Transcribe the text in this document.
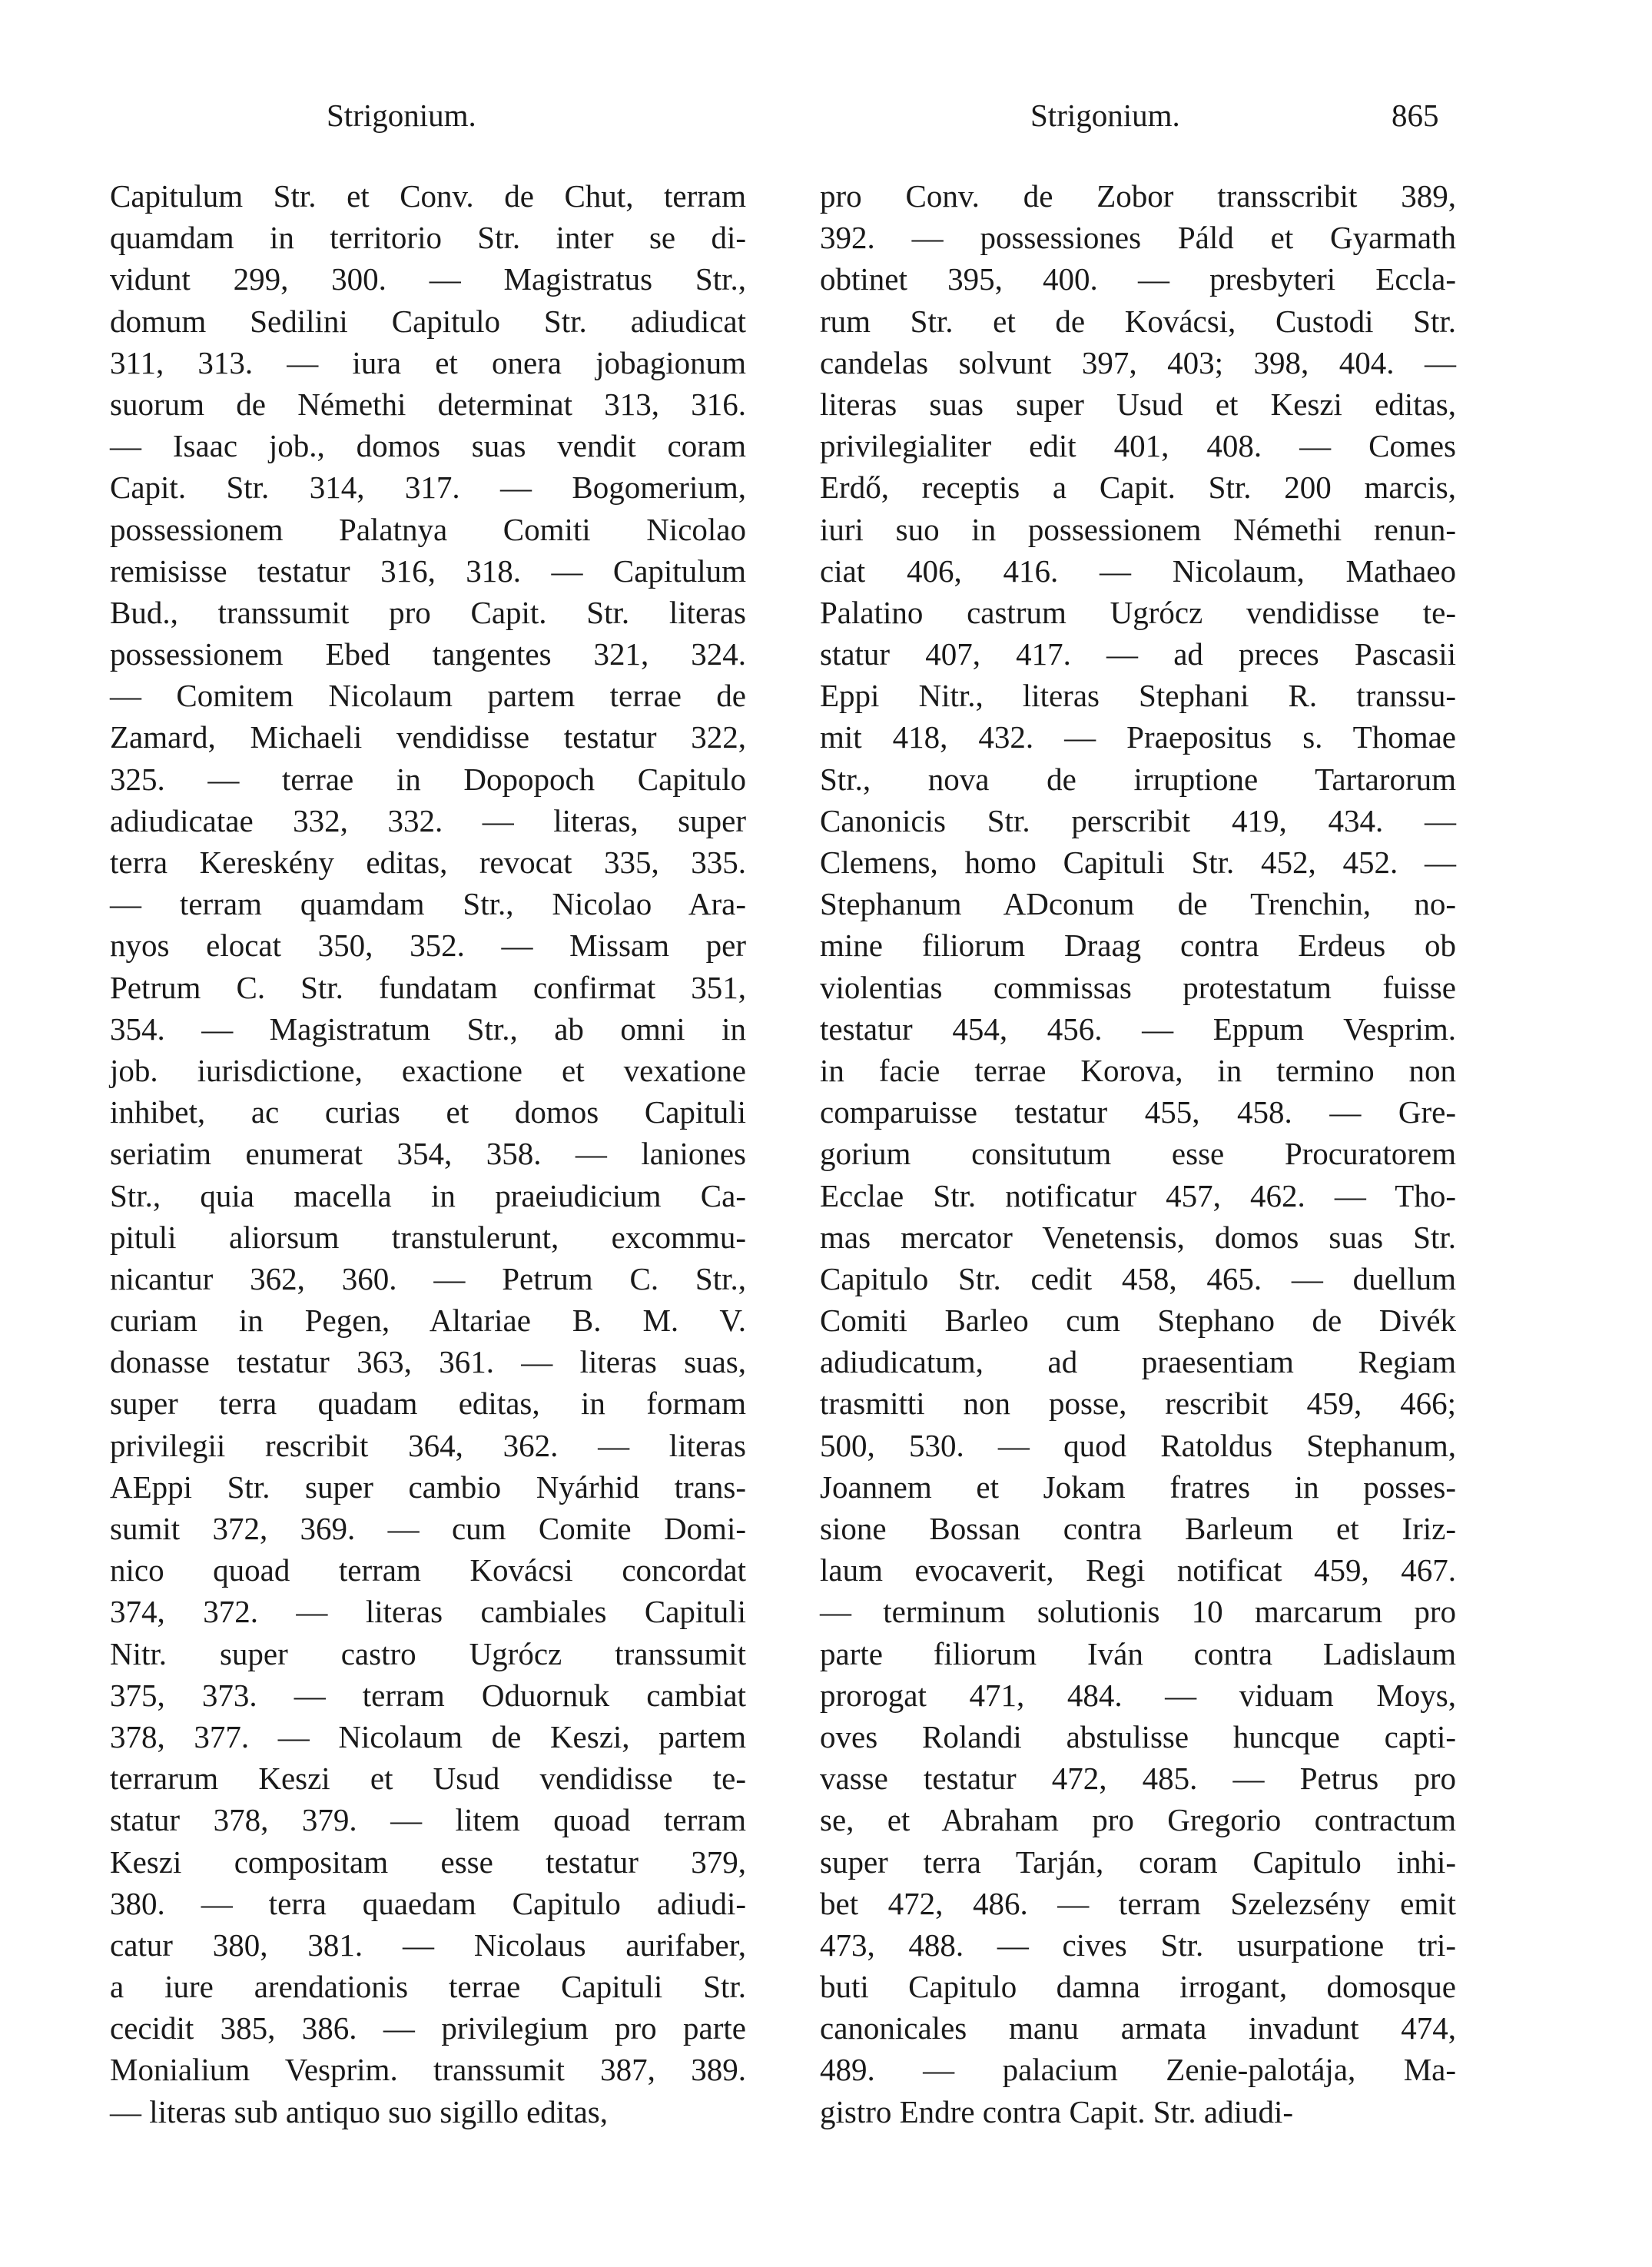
Strigonium.	Strigonium.	865
Capitulum Str. et Conv. de Chut, terram
quamdam in territorio Str. inter se di-
vidunt 299, 300. — Magistratus Str.,
domum Sedilini Capitulo Str. adiudicat
311, 313. — iura et onera jobagionum
suorum de Némethi determinat 313, 316.
— Isaac job., domos suas vendit coram
Capit. Str. 314, 317. — Bogomerium,
possessionem Palatnya Comiti Nicolao
remisisse testatur 316, 318. — Capitulum
Bud., transsumit pro Capit. Str. literas
possessionem Ebed tangentes 321, 324.
— Comitem Nicolaum partem terrae de
Zamard, Michaeli vendidisse testatur 322,
325. — terrae in Dopopoch Capitulo
adiudicatae 332, 332. — literas, super
terra Kereskény editas, revocat 335, 335.
— terram quamdam Str., Nicolao Ara-
nyos elocat 350, 352. — Missam per
Petrum C. Str. fundatam confirmat 351,
354. — Magistratum Str., ab omni in
job. iurisdictione, exactione et vexatione
inhibet, ac curias et domos Capituli
seriatim enumerat 354, 358. — laniones
Str., quia macella in praeiudicium Ca-
pituli aliorsum transtulerunt, excommu-
nicantur 362, 360. — Petrum C. Str.,
curiam in Pegen, Altariae B. M. V.
donasse testatur 363, 361. — literas suas,
super terra quadam editas, in formam
privilegii rescribit 364, 362. — literas
AEppi Str. super cambio Nyárhid trans-
sumit 372, 369. — cum Comite Domi-
nico quoad terram Kovácsi concordat
374, 372. — literas cambiales Capituli
Nitr. super castro Ugrócz transsumit
375, 373. — terram Oduornuk cambiat
378, 377. — Nicolaum de Keszi, partem
terrarum Keszi et Usud vendidisse te-
statur 378, 379. — litem quoad terram
Keszi compositam esse testatur 379,
380. — terra quaedam Capitulo adiudi-
catur 380, 381. — Nicolaus aurifaber,
a iure arendationis terrae Capituli Str.
cecidit 385, 386. — privilegium pro parte
Monialium Vesprim. transsumit 387, 389.
— literas sub antiquo suo sigillo editas,
pro Conv. de Zobor transscribit 389,
392. — possessiones Páld et Gyarmath
obtinet 395, 400. — presbyteri Eccla-
rum Str. et de Kovácsi, Custodi Str.
candelas solvunt 397, 403; 398, 404. —
literas suas super Usud et Keszi editas,
privilegialiter edit 401, 408. — Comes
Erdő, receptis a Capit. Str. 200 marcis,
iuri suo in possessionem Némethi renun-
ciat 406, 416. — Nicolaum, Mathaeo
Palatino castrum Ugrócz vendidisse te-
statur 407, 417. — ad preces Pascasii
Eppi Nitr., literas Stephani R. transsu-
mit 418, 432. — Praepositus s. Thomae
Str., nova de irruptione Tartarorum
Canonicis Str. perscribit 419, 434. —
Clemens, homo Capituli Str. 452, 452. —
Stephanum ADconum de Trenchin, no-
mine filiorum Draag contra Erdeus ob
violentias commissas protestatum fuisse
testatur 454, 456. — Eppum Vesprim.
in facie terrae Korova, in termino non
comparuisse testatur 455, 458. — Gre-
gorium consitutum esse Procuratorem
Ecclae Str. notificatur 457, 462. — Tho-
mas mercator Venetensis, domos suas Str.
Capitulo Str. cedit 458, 465. — duellum
Comiti Barleo cum Stephano de Divék
adiudicatum, ad praesentiam Regiam
trasmitti non posse, rescribit 459, 466;
500, 530. — quod Ratoldus Stephanum,
Joannem et Jokam fratres in posses-
sione Bossan contra Barleum et Iriz-
laum evocaverit, Regi notificat 459, 467.
— terminum solutionis 10 marcarum pro
parte filiorum Iván contra Ladislaum
prorogat 471, 484. — viduam Moys,
oves Rolandi abstulisse huncque capti-
vasse testatur 472, 485. — Petrus pro
se, et Abraham pro Gregorio contractum
super terra Tarján, coram Capitulo inhi-
bet 472, 486. — terram Szelezsény emit
473, 488. — cives Str. usurpatione tri-
buti Capitulo damna irrogant, domosque
canonicales manu armata invadunt 474,
489. — palacium Zenie-palotája, Ma-
gistro Endre contra Capit. Str. adiudi-
